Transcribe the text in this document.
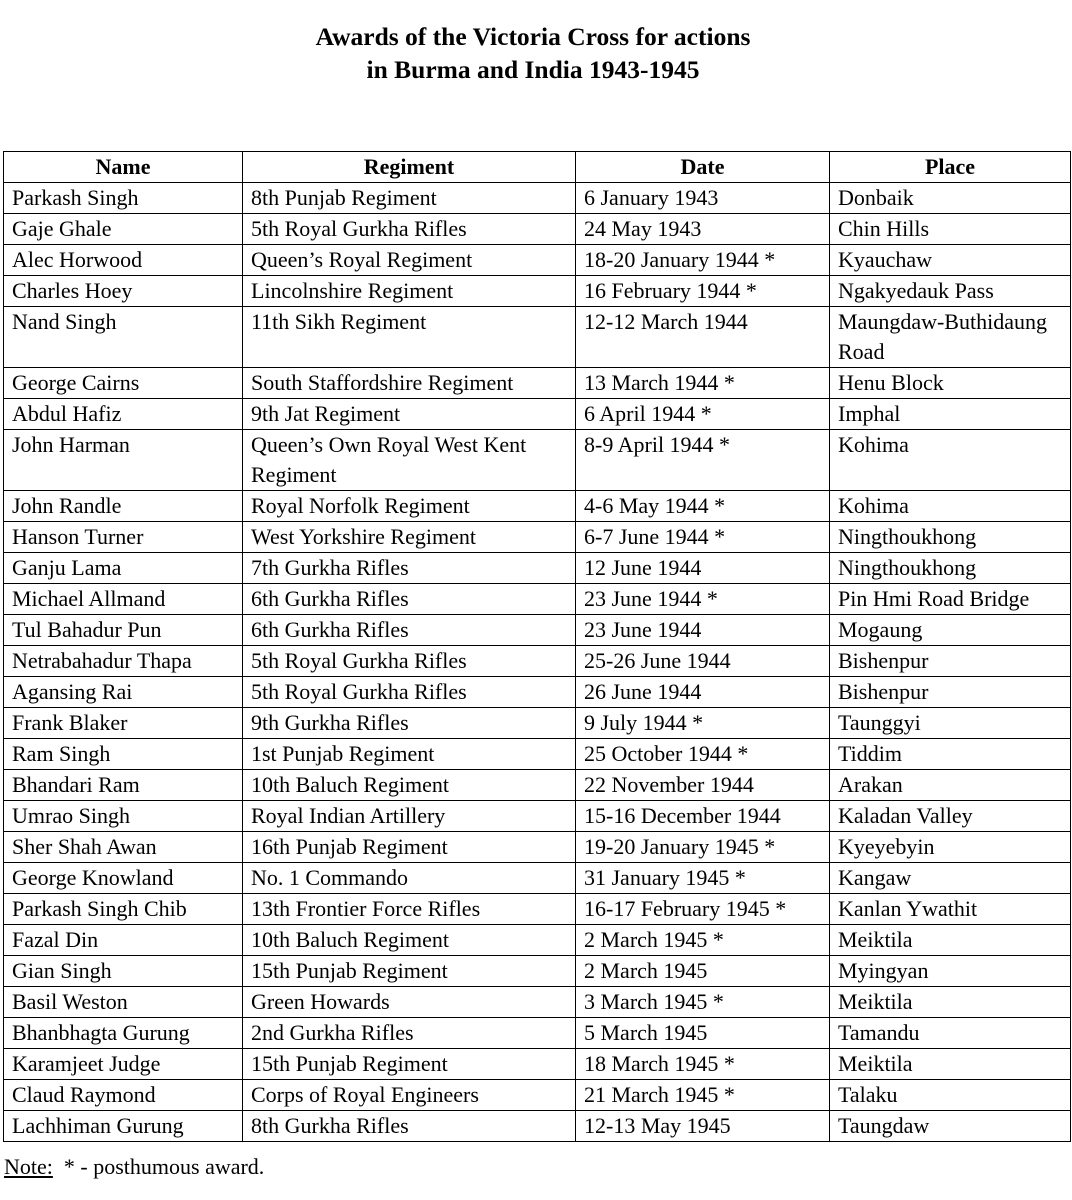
Awards of the Victoria Cross for actions
in Burma and India 1943-1945
Name	Regiment	Date	Place
Parkash Singh	8th Punjab Regiment	6 January 1943	Donbaik
Gaje Ghale	5th Royal Gurkha Rifles	24 May 1943	Chin Hills
Alec Horwood	Queen’s Royal Regiment	18-20 January 1944 *	Kyauchaw
Charles Hoey	Lincolnshire Regiment	16 February 1944 *	Ngakyedauk Pass
Nand Singh	11th Sikh Regiment	12-12 March 1944	Maungdaw-Buthidaung Road
George Cairns	South Staffordshire Regiment	13 March 1944 *	Henu Block
Abdul Hafiz	9th Jat Regiment	6 April 1944 *	Imphal
John Harman	Queen’s Own Royal West Kent Regiment	8-9 April 1944 *	Kohima
John Randle	Royal Norfolk Regiment	4-6 May 1944 *	Kohima
Hanson Turner	West Yorkshire Regiment	6-7 June 1944 *	Ningthoukhong
Ganju Lama	7th Gurkha Rifles	12 June 1944	Ningthoukhong
Michael Allmand	6th Gurkha Rifles	23 June 1944 *	Pin Hmi Road Bridge
Tul Bahadur Pun	6th Gurkha Rifles	23 June 1944	Mogaung
Netrabahadur Thapa	5th Royal Gurkha Rifles	25-26 June 1944	Bishenpur
Agansing Rai	5th Royal Gurkha Rifles	26 June 1944	Bishenpur
Frank Blaker	9th Gurkha Rifles	9 July 1944 *	Taunggyi
Ram Singh	1st Punjab Regiment	25 October 1944 *	Tiddim
Bhandari Ram	10th Baluch Regiment	22 November 1944	Arakan
Umrao Singh	Royal Indian Artillery	15-16 December 1944	Kaladan Valley
Sher Shah Awan	16th Punjab Regiment	19-20 January 1945 *	Kyeyebyin
George Knowland	No. 1 Commando	31 January 1945 *	Kangaw
Parkash Singh Chib	13th Frontier Force Rifles	16-17 February 1945 *	Kanlan Ywathit
Fazal Din	10th Baluch Regiment	2 March 1945 *	Meiktila
Gian Singh	15th Punjab Regiment	2 March 1945	Myingyan
Basil Weston	Green Howards	3 March 1945 *	Meiktila
Bhanbhagta Gurung	2nd Gurkha Rifles	5 March 1945	Tamandu
Karamjeet Judge	15th Punjab Regiment	18 March 1945 *	Meiktila
Claud Raymond	Corps of Royal Engineers	21 March 1945 *	Talaku
Lachhiman Gurung	8th Gurkha Rifles	12-13 May 1945	Taungdaw
Note: * - posthumous award.
